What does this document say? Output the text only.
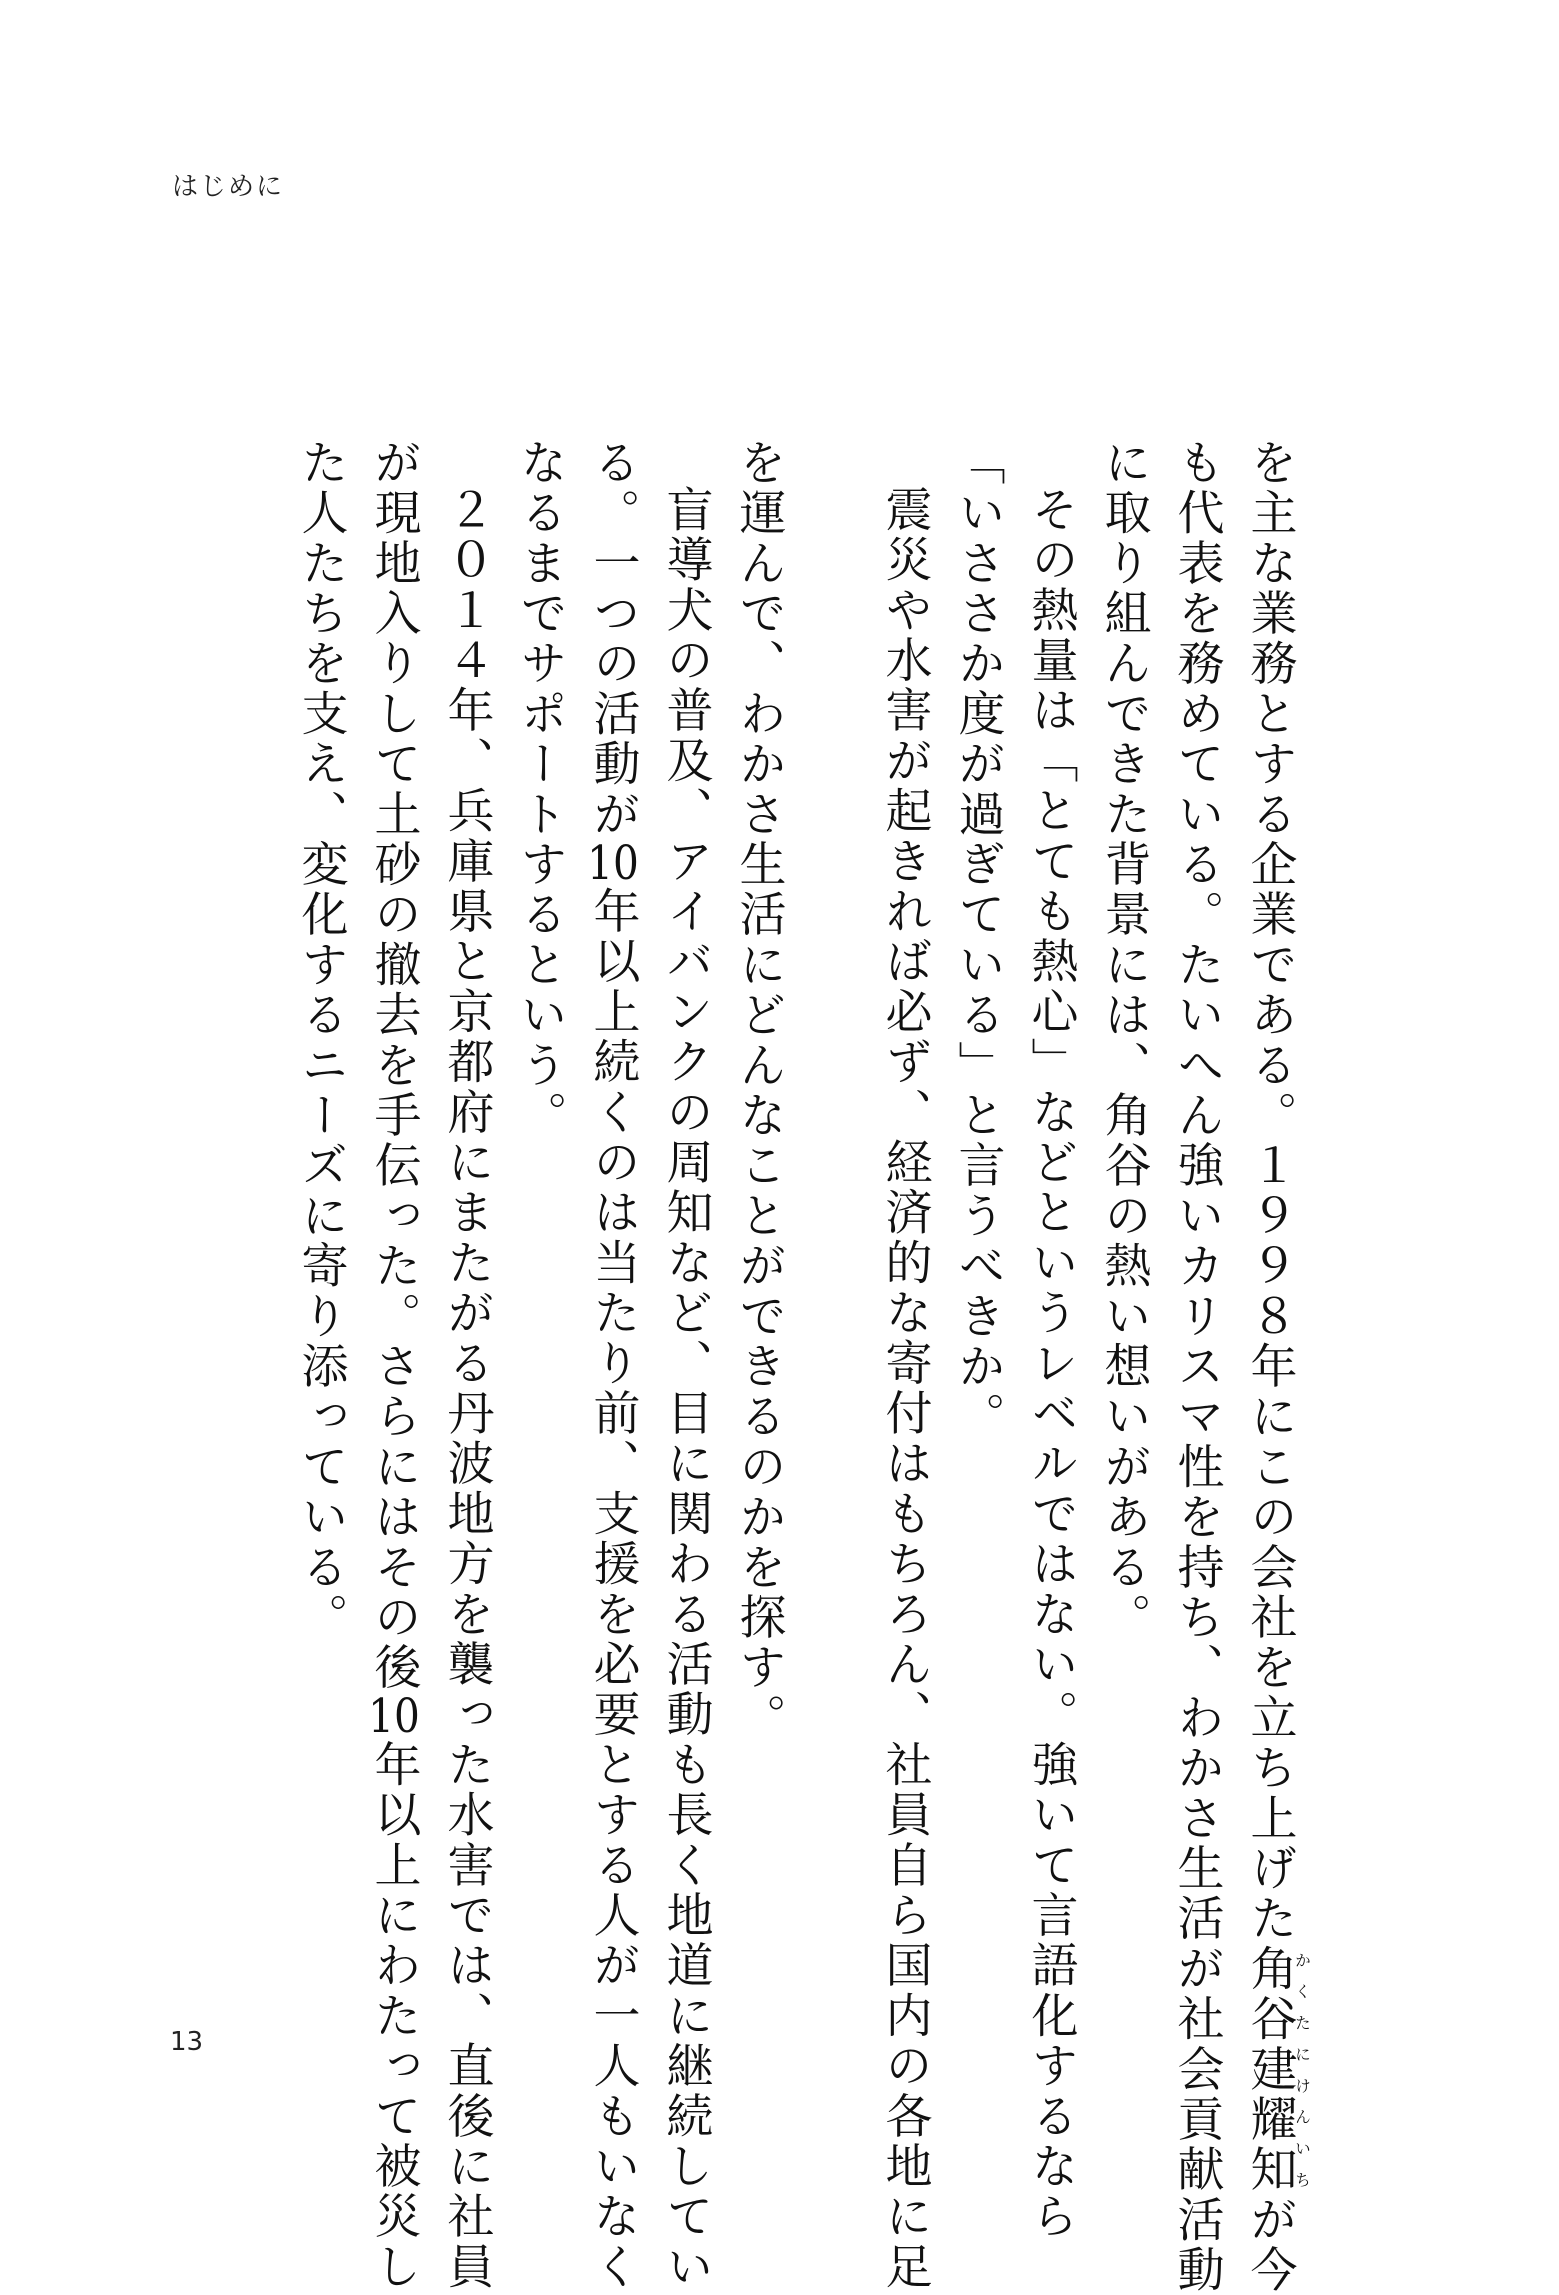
はじめに

を主な業務とする企業である。１９９８年にこの会社を立ち上げた角谷建耀知かくたにけんいちが今
も代表を務めている。たいへん強いカリスマ性を持ち、わかさ生活が社会貢献活動
に取り組んできた背景には、角谷の熱い想いがある。

その熱量は「とても熱心」などというレベルではない。強いて言語化するなら

「いささか度が過ぎている」と言うべきか。

震災や水害が起きれば必ず、経済的な寄付はもちろん、社員自ら国内の各地に足

を運んで、わかさ生活にどんなことができるのかを探す。

盲導犬の普及、アイバンクの周知など、目に関わる活動も長く地道に継続してい

る。一つの活動が10年以上続くのは当たり前、支援を必要とする人が一人もいなく
なるまでサポートするという。

２０１４年、兵庫県と京都府にまたがる丹波地方を襲った水害では、直後に社員

が現地入りして土砂の撤去を手伝った。さらにはその後10年以上にわたって被災し
た人たちを支え、変化するニーズに寄り添っている。

13
